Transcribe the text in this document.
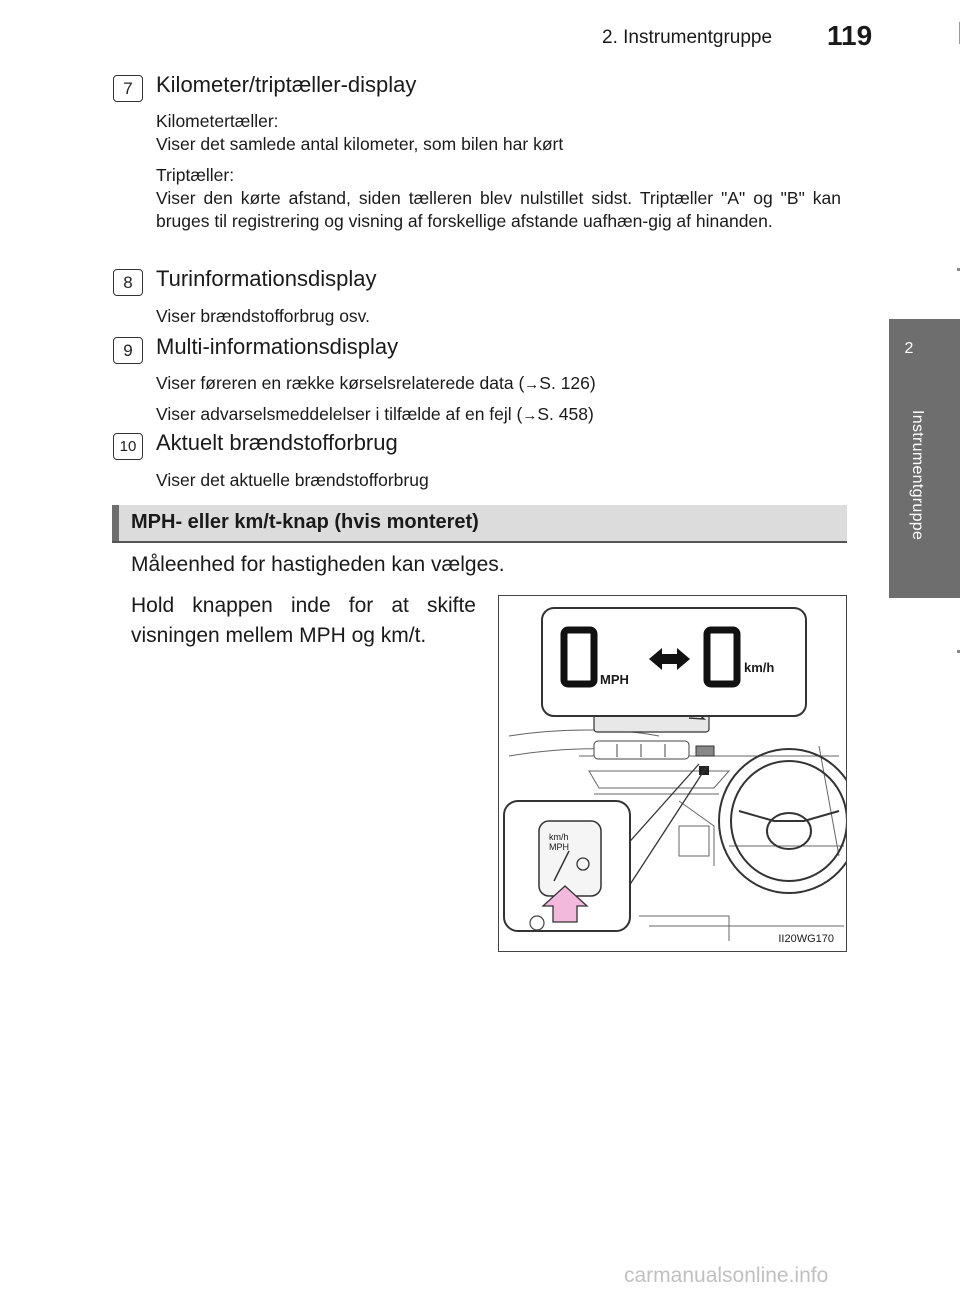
2. Instrumentgruppe 119
2
Instrumentgruppe
7	Kilometer/triptæller-display
Kilometertæller:
Viser det samlede antal kilometer, som bilen har kørt
Triptæller:
Viser den kørte afstand, siden tælleren blev nulstillet sidst. Triptæller "A" og "B" kan bruges til registrering og visning af forskellige afstande uafhæn-gig af hinanden.
8	Turinformationsdisplay
Viser brændstofforbrug osv.
9	Multi-informationsdisplay
Viser føreren en række kørselsrelaterede data (→S. 126)
Viser advarselsmeddelelser i tilfælde af en fejl (→S. 458)
10 Aktuelt brændstofforbrug
Viser det aktuelle brændstofforbrug
MPH- eller km/t-knap (hvis monteret)
Måleenhed for hastigheden kan vælges.
Hold knappen inde for at skifte visningen mellem MPH og km/t.
MPH
km/h
km/h
MPH
II20WG170
carmanualsonline.info
